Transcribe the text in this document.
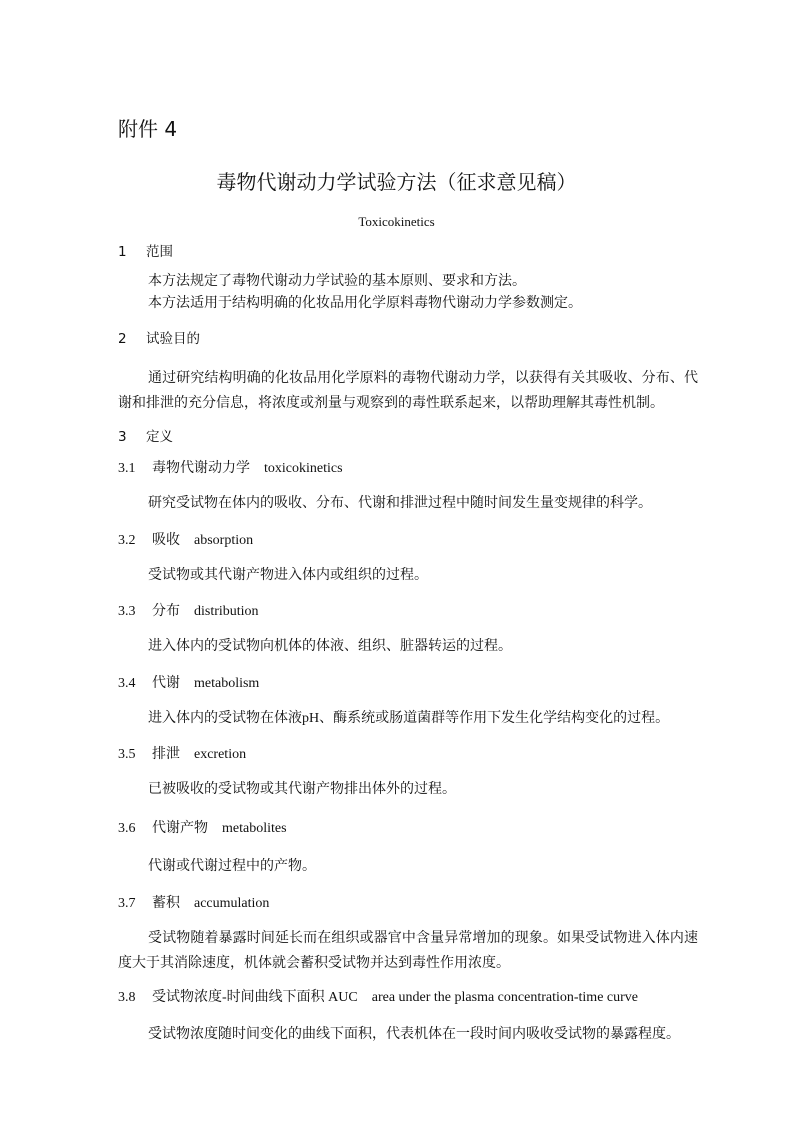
附件 4
毒物代谢动力学试验方法（征求意见稿）
Toxicokinetics
1 范围
本方法规定了毒物代谢动力学试验的基本原则、要求和方法。
本方法适用于结构明确的化妆品用化学原料毒物代谢动力学参数测定。
2 试验目的
通过研究结构明确的化妆品用化学原料的毒物代谢动力学，以获得有关其吸收、分布、代谢和排泄的充分信息，将浓度或剂量与观察到的毒性联系起来，以帮助理解其毒性机制。
3 定义
3.1 毒物代谢动力学 toxicokinetics
研究受试物在体内的吸收、分布、代谢和排泄过程中随时间发生量变规律的科学。
3.2 吸收 absorption
受试物或其代谢产物进入体内或组织的过程。
3.3 分布 distribution
进入体内的受试物向机体的体液、组织、脏器转运的过程。
3.4 代谢 metabolism
进入体内的受试物在体液pH、酶系统或肠道菌群等作用下发生化学结构变化的过程。
3.5 排泄 excretion
已被吸收的受试物或其代谢产物排出体外的过程。
3.6 代谢产物 metabolites
代谢或代谢过程中的产物。
3.7 蓄积 accumulation
受试物随着暴露时间延长而在组织或器官中含量异常增加的现象。如果受试物进入体内速度大于其消除速度，机体就会蓄积受试物并达到毒性作用浓度。
3.8 受试物浓度-时间曲线下面积 AUC area under the plasma concentration-time curve
受试物浓度随时间变化的曲线下面积，代表机体在一段时间内吸收受试物的暴露程度。
